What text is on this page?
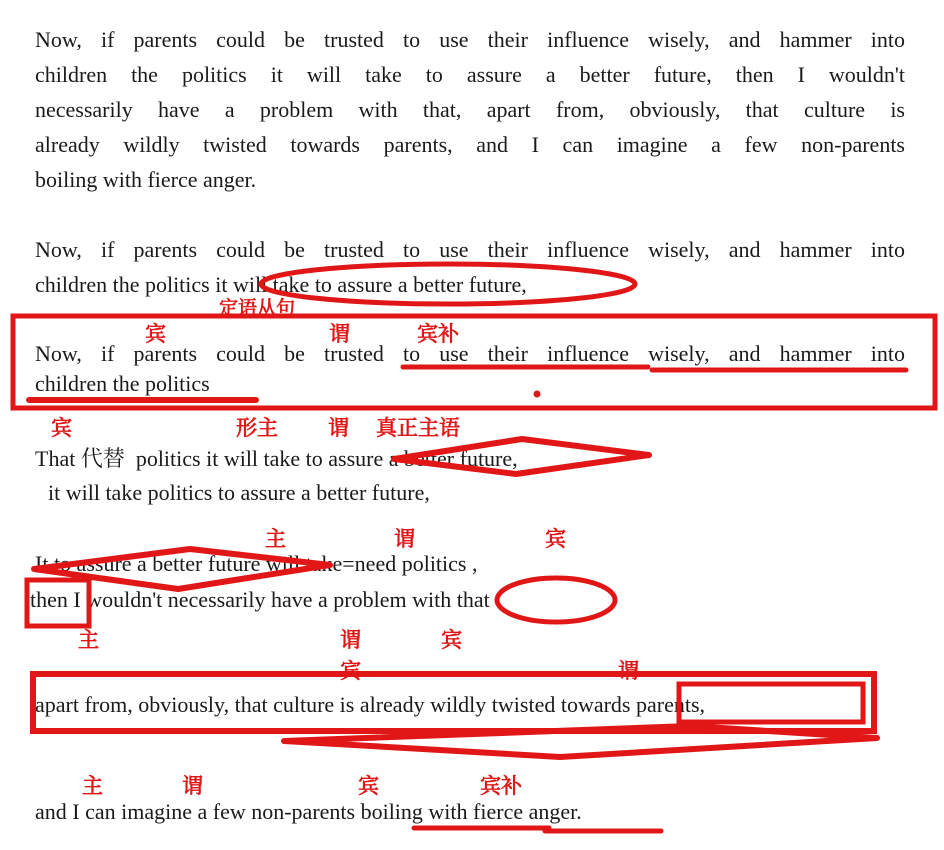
Now, if parents could be trusted to use their influence wisely, and hammer into
children the politics it will take to assure a better future, then I wouldn't
necessarily have a problem with that, apart from, obviously, that culture is
already wildly twisted towards parents, and I can imagine a few non-parents
boiling with fierce anger.
Now, if parents could be trusted to use their influence wisely, and hammer into
children the politics it will take to assure a better future,
定语从句
宾	谓	宾补
Now, if parents could be trusted to use their influence wisely, and hammer into
children the politics
宾	形主 谓 真正主语
That 代替  politics it will take to assure a better future,
it will take politics to assure a better future,
主	谓	宾
It to assure a better future will take=need politics ,
then I wouldn't necessarily have a problem with that
主	谓	宾
宾	谓
apart from, obviously, that culture is already wildly twisted towards parents,
主	谓	宾	宾补
and I can imagine a few non-parents boiling with fierce anger.
